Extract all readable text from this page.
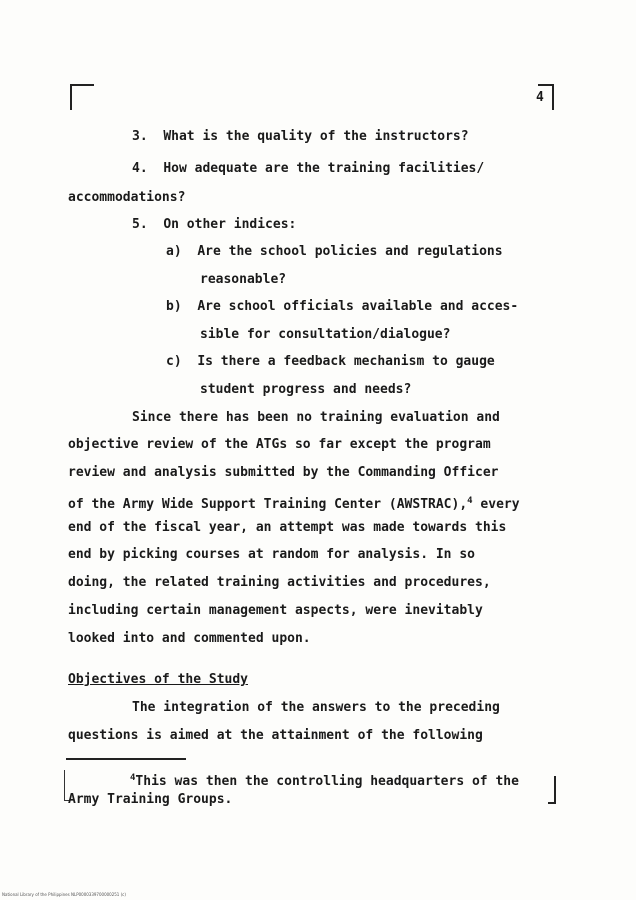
4
3. What is the quality of the instructors?
4. How adequate are the training facilities/
accommodations?
5. On other indices:
a) Are the school policies and regulations
reasonable?
b) Are school officials available and acces-
sible for consultation/dialogue?
c) Is there a feedback mechanism to gauge
student progress and needs?
Since there has been no training evaluation and
objective review of the ATGs so far except the program
review and analysis submitted by the Commanding Officer
of the Army Wide Support Training Center (AWSTRAC),$^4$ every
end of the fiscal year, an attempt was made towards this
end by picking courses at random for analysis. In so
doing, the related training activities and procedures,
including certain management aspects, were inevitably
looked into and commented upon.
Objectives of the Study
The integration of the answers to the preceding
questions is aimed at the attainment of the following
$^4$This was then the controlling headquarters of the
Army Training Groups.
National Library of the Philippines NLP0000339700000251 (c)
